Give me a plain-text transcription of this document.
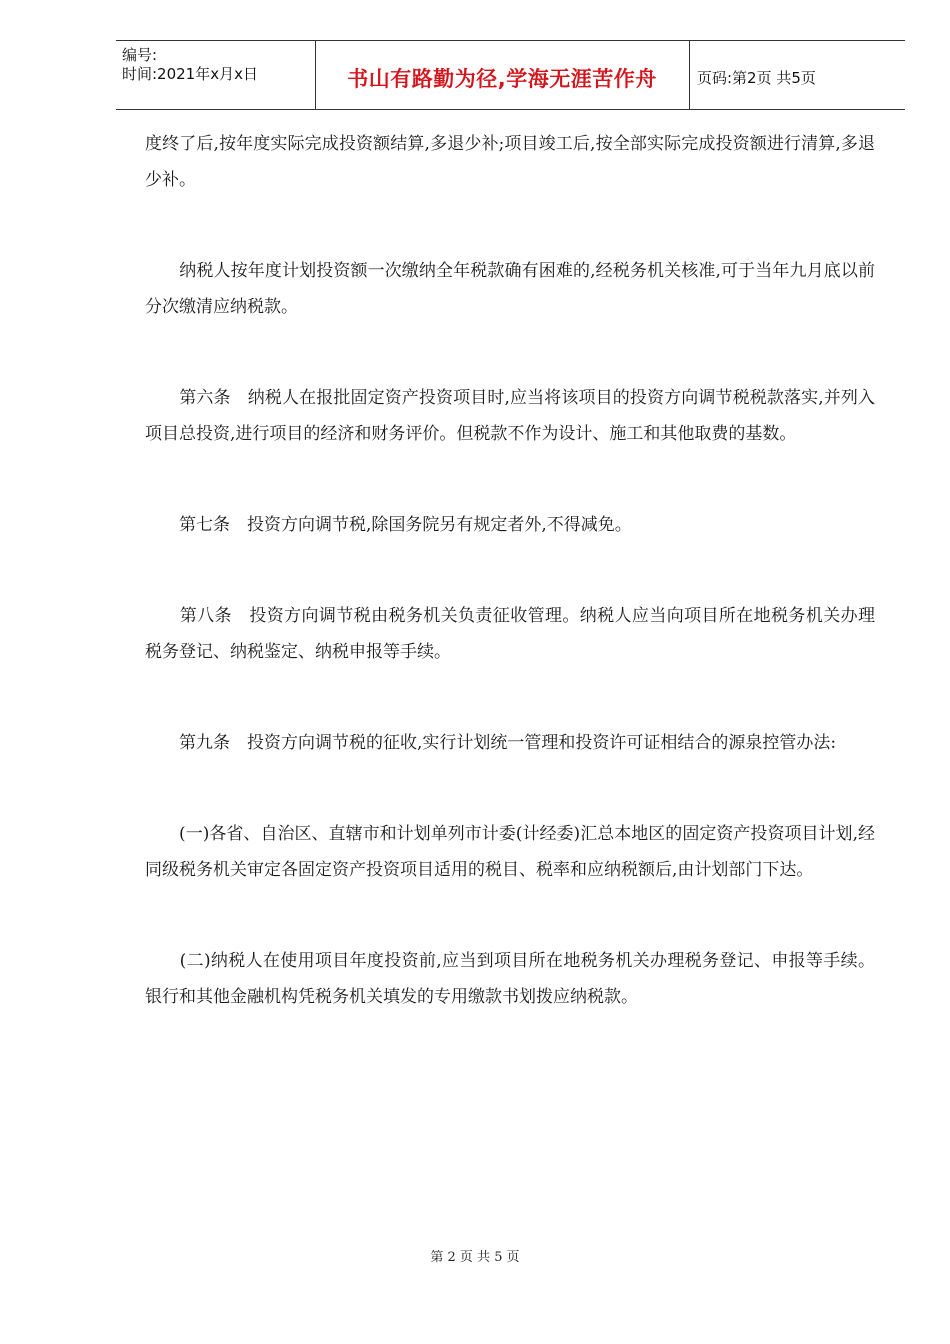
编号:
时间:2021年x月x日	书山有路勤为径,学海无涯苦作舟	页码:第2页 共5页

度终了后,按年度实际完成投资额结算,多退少补;项目竣工后,按全部实际完成投资额进行清算,多退少补。

　　纳税人按年度计划投资额一次缴纳全年税款确有困难的,经税务机关核准,可于当年九月底以前分次缴清应纳税款。

　　第六条　纳税人在报批固定资产投资项目时,应当将该项目的投资方向调节税税款落实,并列入项目总投资,进行项目的经济和财务评价。但税款不作为设计、施工和其他取费的基数。

　　第七条　投资方向调节税,除国务院另有规定者外,不得减免。

　　第八条　投资方向调节税由税务机关负责征收管理。纳税人应当向项目所在地税务机关办理税务登记、纳税鉴定、纳税申报等手续。

　　第九条　投资方向调节税的征收,实行计划统一管理和投资许可证相结合的源泉控管办法:

　　(一)各省、自治区、直辖市和计划单列市计委(计经委)汇总本地区的固定资产投资项目计划,经同级税务机关审定各固定资产投资项目适用的税目、税率和应纳税额后,由计划部门下达。

　　(二)纳税人在使用项目年度投资前,应当到项目所在地税务机关办理税务登记、申报等手续。银行和其他金融机构凭税务机关填发的专用缴款书划拨应纳税款。

第 2 页 共 5 页
